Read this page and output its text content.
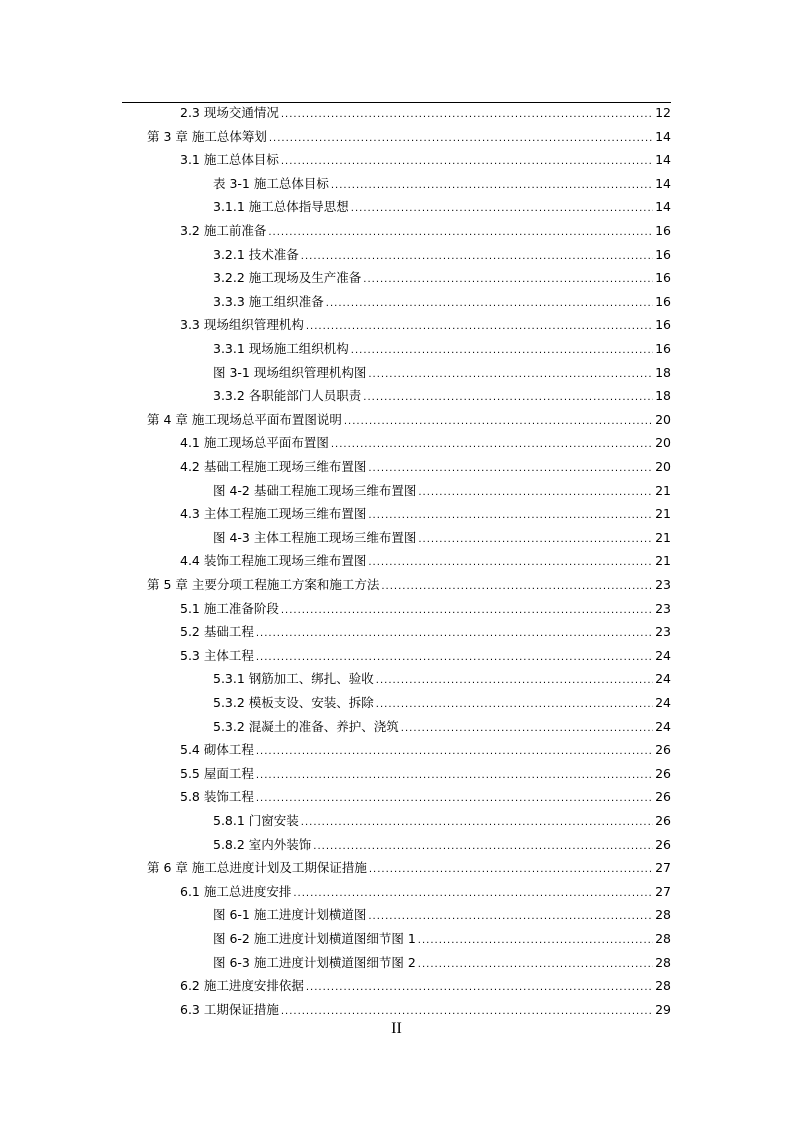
2.3 现场交通情况 .....	12
第 3 章 施工总体筹划 .....	14
3.1 施工总体目标 .....	14
表 3-1 施工总体目标 .....	14
3.1.1 施工总体指导思想 .....	14
3.2 施工前准备 .....	16
3.2.1 技术准备 .....	16
3.2.2 施工现场及生产准备 .....	16
3.3.3 施工组织准备 .....	16
3.3 现场组织管理机构 .....	16
3.3.1 现场施工组织机构 .....	16
图 3-1 现场组织管理机构图 .....	18
3.3.2 各职能部门人员职责 .....	18
第 4 章 施工现场总平面布置图说明 .....	20
4.1 施工现场总平面布置图 .....	20
4.2 基础工程施工现场三维布置图 .....	20
图 4-2 基础工程施工现场三维布置图 .....	21
4.3 主体工程施工现场三维布置图 .....	21
图 4-3 主体工程施工现场三维布置图 .....	21
4.4 装饰工程施工现场三维布置图 .....	21
第 5 章 主要分项工程施工方案和施工方法 .....	23
5.1 施工准备阶段 .....	23
5.2 基础工程 .....	23
5.3 主体工程 .....	24
5.3.1 钢筋加工、绑扎、验收 .....	24
5.3.2 模板支设、安装、拆除 .....	24
5.3.2 混凝土的准备、养护、浇筑 .....	24
5.4 砌体工程 .....	26
5.5 屋面工程 .....	26
5.8 装饰工程 .....	26
5.8.1 门窗安装 .....	26
5.8.2 室内外装饰 .....	26
第 6 章 施工总进度计划及工期保证措施 .....	27
6.1 施工总进度安排 .....	27
图 6-1 施工进度计划横道图 .....	28
图 6-2 施工进度计划横道图细节图 1 .....	28
图 6-3 施工进度计划横道图细节图 2 .....	28
6.2 施工进度安排依据 .....	28
6.3 工期保证措施 .....	29
II
